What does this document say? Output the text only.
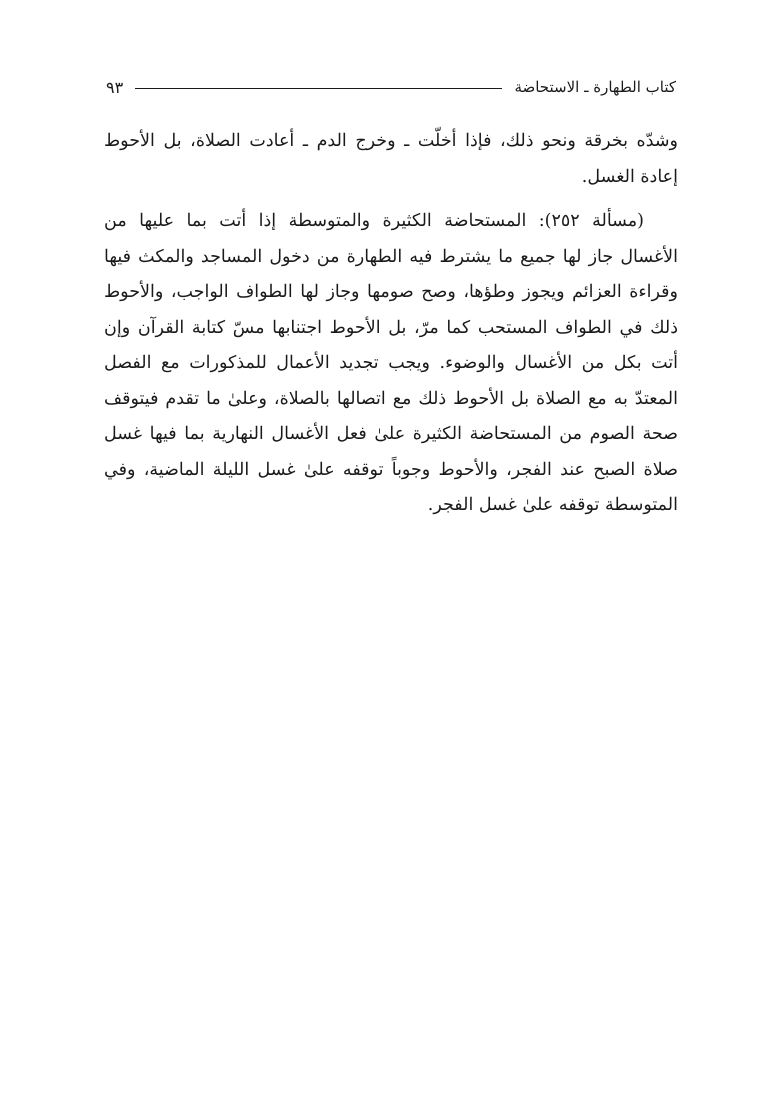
كتاب الطهارة ـ الاستحاضة
٩٣

وشدّه بخرقة ونحو ذلك، فإذا أخلّت ـ وخرج الدم ـ أعادت الصلاة، بل الأحوط إعادة الغسل.

(مسألة ٢٥٢): المستحاضة الكثيرة والمتوسطة إذا أتت بما عليها من الأغسال جاز لها جميع ما يشترط فيه الطهارة من دخول المساجد والمكث فيها وقراءة العزائم ويجوز وطؤها، وصح صومها وجاز لها الطواف الواجب، والأحوط ذلك في الطواف المستحب كما مرّ، بل الأحوط اجتنابها مسّ كتابة القرآن وإن أتت بكل من الأغسال والوضوء. ويجب تجديد الأعمال للمذكورات مع الفصل المعتدّ به مع الصلاة بل الأحوط ذلك مع اتصالها بالصلاة، وعلىٰ ما تقدم فيتوقف صحة الصوم من المستحاضة الكثيرة علىٰ فعل الأغسال النهارية بما فيها غسل صلاة الصبح عند الفجر، والأحوط وجوباً توقفه علىٰ غسل الليلة الماضية، وفي المتوسطة توقفه علىٰ غسل الفجر.
